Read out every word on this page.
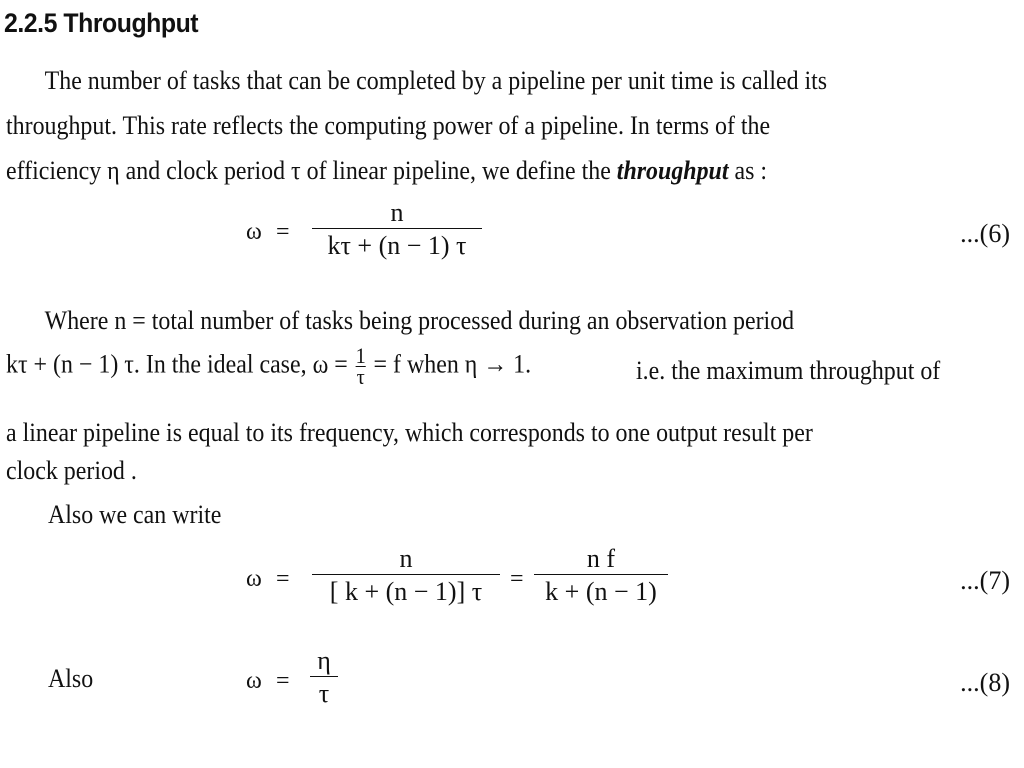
2.2.5 Throughput

The number of tasks that can be completed by a pipeline per unit time is called its

throughput. This rate reflects the computing power of a pipeline. In terms of the

efficiency η and clock period τ of linear pipeline, we define the throughput as :

ω =
n
kτ + (n − 1) τ	...(6)

Where n = total number of tasks being processed during an observation period

kτ + (n − 1) τ. In the ideal case, $\omega = \frac{1}{\tau} = f$ when η → 1.	i.e. the maximum throughput of

a linear pipeline is equal to its frequency, which corresponds to one output result per

clock period .

Also we can write

ω =
n
[ k + (n − 1)] τ =
n f
k + (n − 1)	...(7)
Also	ω =
η
τ	...(8)
